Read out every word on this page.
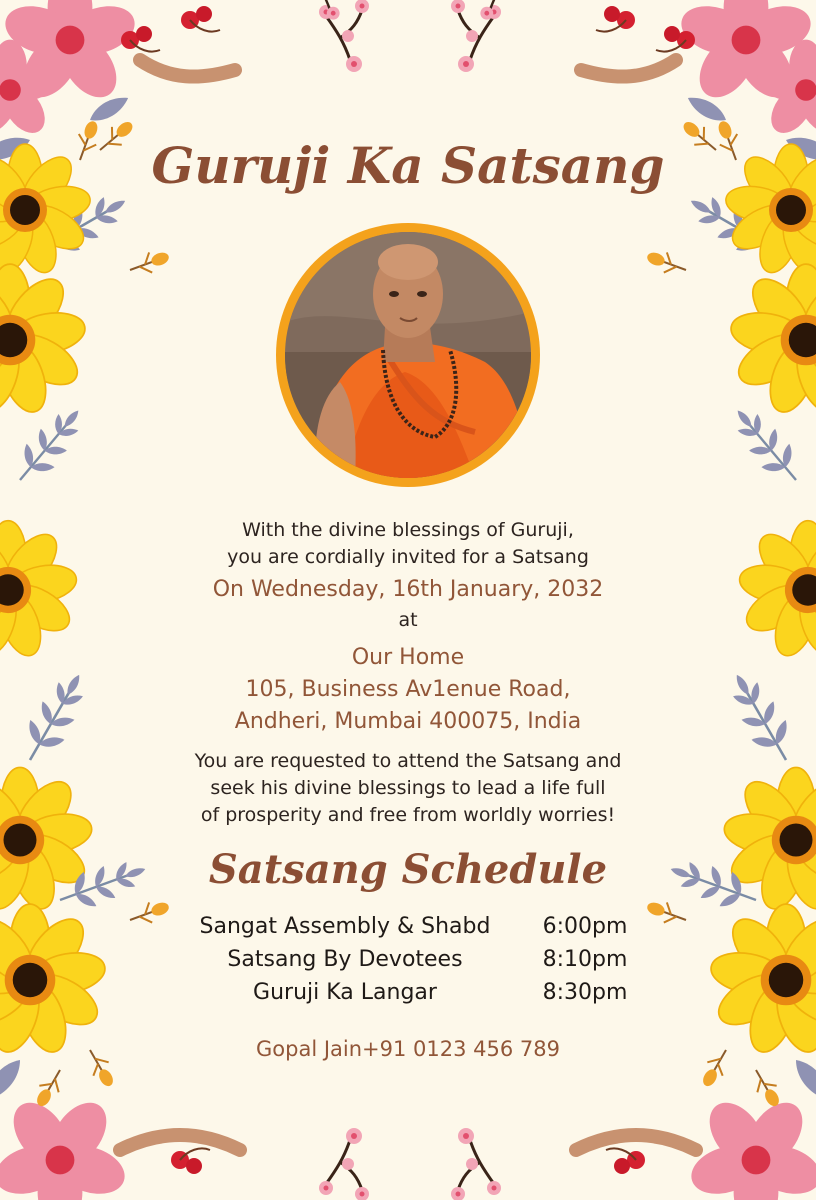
Guruji Ka Satsang

With the divine blessings of Guruji,

you are cordially invited for a Satsang

On Wednesday, 16th January, 2032

at

Our Home

105, Business Av1enue Road,

Andheri, Mumbai 400075, India

You are requested to attend the Satsang and

seek his divine blessings to lead a life full

of prosperity and free from worldly worries!

Satsang Schedule
Sangat Assembly & Shabd	6:00pm
Satsang By Devotees	8:10pm
Guruji Ka Langar	8:30pm
Gopal Jain+91 0123 456 789
